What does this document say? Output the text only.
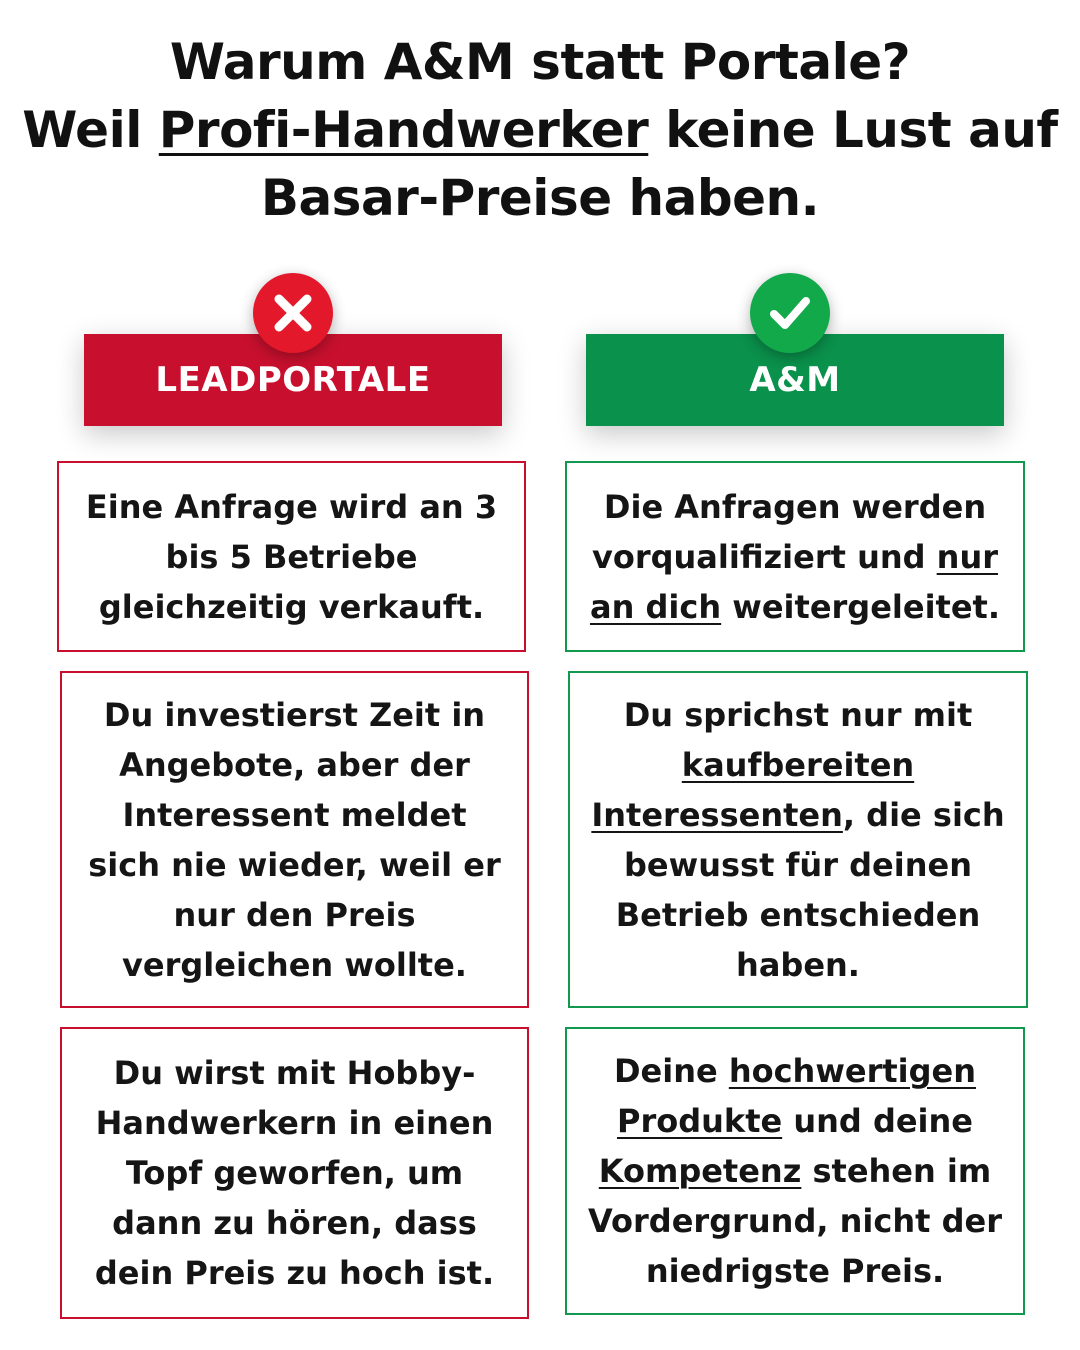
Warum A&M statt Portale?
Weil Profi-Handwerker keine Lust auf
Basar-Preise haben.
LEADPORTALE	A&M

Eine Anfrage wird an 3 bis 5 Betriebe gleichzeitig verkauft.

Du investierst Zeit in Angebote, aber der Interessent meldet sich nie wieder, weil er nur den Preis vergleichen wollte.

Du wirst mit Hobby-Handwerkern in einen Topf geworfen, um dann zu hören, dass dein Preis zu hoch ist.

Die Anfragen werden vorqualifiziert und nur an dich weitergeleitet.

Du sprichst nur mit kaufbereiten Interessenten, die sich bewusst für deinen Betrieb entschieden haben.

Deine hochwertigen Produkte und deine Kompetenz stehen im Vordergrund, nicht der niedrigste Preis.
